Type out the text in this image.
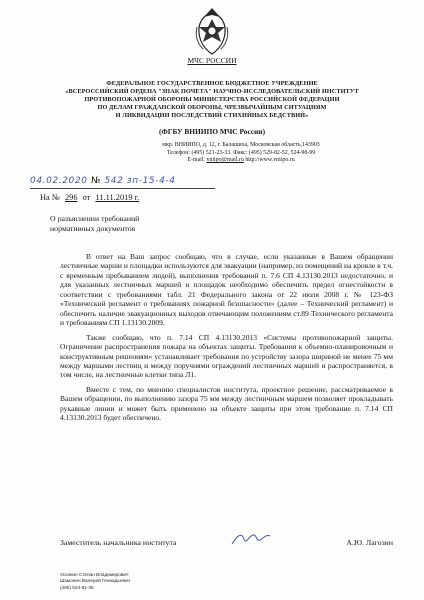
МЧС РОССИИ
ФЕДЕРАЛЬНОЕ ГОСУДАРСТВЕННОЕ БЮДЖЕТНОЕ УЧРЕЖДЕНИЕ
«ВСЕРОССИЙСКИЙ ОРДЕНА "ЗНАК ПОЧЕТА" НАУЧНО-ИССЛЕДОВАТЕЛЬСКИЙ ИНСТИТУТ
ПРОТИВОПОЖАРНОЙ ОБОРОНЫ МИНИСТЕРСТВА РОССИЙСКОЙ ФЕДЕРАЦИИ
ПО ДЕЛАМ ГРАЖДАНСКОЙ ОБОРОНЫ, ЧРЕЗВЫЧАЙНЫМ СИТУАЦИЯМ
И ЛИКВИДАЦИИ ПОСЛЕДСТВИЙ СТИХИЙНЫХ БЕДСТВИЙ»
(ФГБУ ВНИИПО МЧС России)
мкр. ВНИИПО, д. 12, г. Балашиха, Московская область,143903
Телефон: (495) 521-23-33. Факс: (495) 529-82-52, 524-98-99
E-mail: vniipo@mail.ru http://www.vniipo.ru
04.02.2020 № 542 зп-15-4-4
На № 296 от 11.11.2019 г.
О разъяснении требований
нормативных документов

В ответ на Ваш запрос сообщаю, что в случае, если указанные в Вашем обращении лестничные марши и площадки используются для эвакуации (например, из помещений на кровле в т.ч. с временным пребыванием людей), выполнения требований п. 7.6 СП 4.13130.2013 недостаточно, и для указанных лестничных маршей и площадок необходимо обеспечить предел огнестойкости в соответствии с требованиями табл. 21 Федерального закона от 22 июля 2008 г. № 123-ФЗ «Технический регламент о требованиях пожарной безопасности» (далее – Технический регламент) и обеспечить наличие эвакуационных выходов отвечающим положениям ст.89 Технического регламента и требованиям СП 1.13130.2009.

Также сообщаю, что п. 7.14 СП 4.13130.2013 «Системы противопожарной защиты. Ограничение распространения пожара на объектах защиты. Требования к объемно-планировочным и конструктивным решениям» устанавливает требования по устройству зазора шириной не менее 75 мм между маршами лестниц и между поручнями ограждений лестничных маршей и распространяется, в том числе, на лестничные клетки типа Л1.

Вместе с тем, по мнению специалистов института, проектное решение, рассматриваемое в Вашем обращении, по выполнению зазора 75 мм между лестничным маршем позволяет прокладывать рукавные линии и может быть применено на объекте защиты при этом требование п. 7.14 СП 4.13130.2013 будет обеспечено.

Заместитель начальника института	А.Ю. Лагозин
Усолкин Степан Владимирович
Шамонин Валерий Геннадьевич
(495) 524-81-35
